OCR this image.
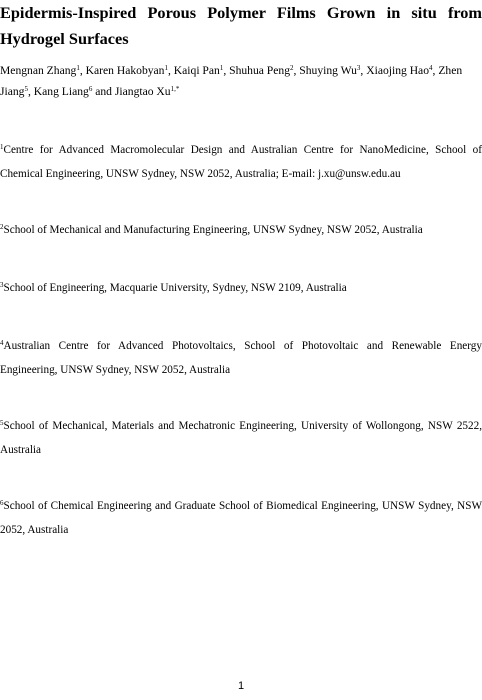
Epidermis-Inspired Porous Polymer Films Grown in situ from Hydrogel Surfaces

Mengnan Zhang$^1$, Karen Hakobyan$^1$, Kaiqi Pan$^1$, Shuhua Peng$^2$, Shuying Wu$^3$, Xiaojing Hao$^4$, Zhen Jiang$^5$, Kang Liang$^6$ and Jiangtao $Xu^{1,*}$

$^1$Centre for Advanced Macromolecular Design and Australian Centre for NanoMedicine, School of Chemical Engineering, UNSW Sydney, NSW 2052, Australia; E-mail: j.xu@unsw.edu.au

$^2$School of Mechanical and Manufacturing Engineering, UNSW Sydney, NSW 2052, Australia

$^3$School of Engineering, Macquarie University, Sydney, NSW 2109, Australia

$^4$Australian Centre for Advanced Photovoltaics, School of Photovoltaic and Renewable Energy Engineering, UNSW Sydney, NSW 2052, Australia

$^5$School of Mechanical, Materials and Mechatronic Engineering, University of Wollongong, NSW 2522, Australia

$^6$School of Chemical Engineering and Graduate School of Biomedical Engineering, UNSW Sydney, NSW 2052, Australia

1
